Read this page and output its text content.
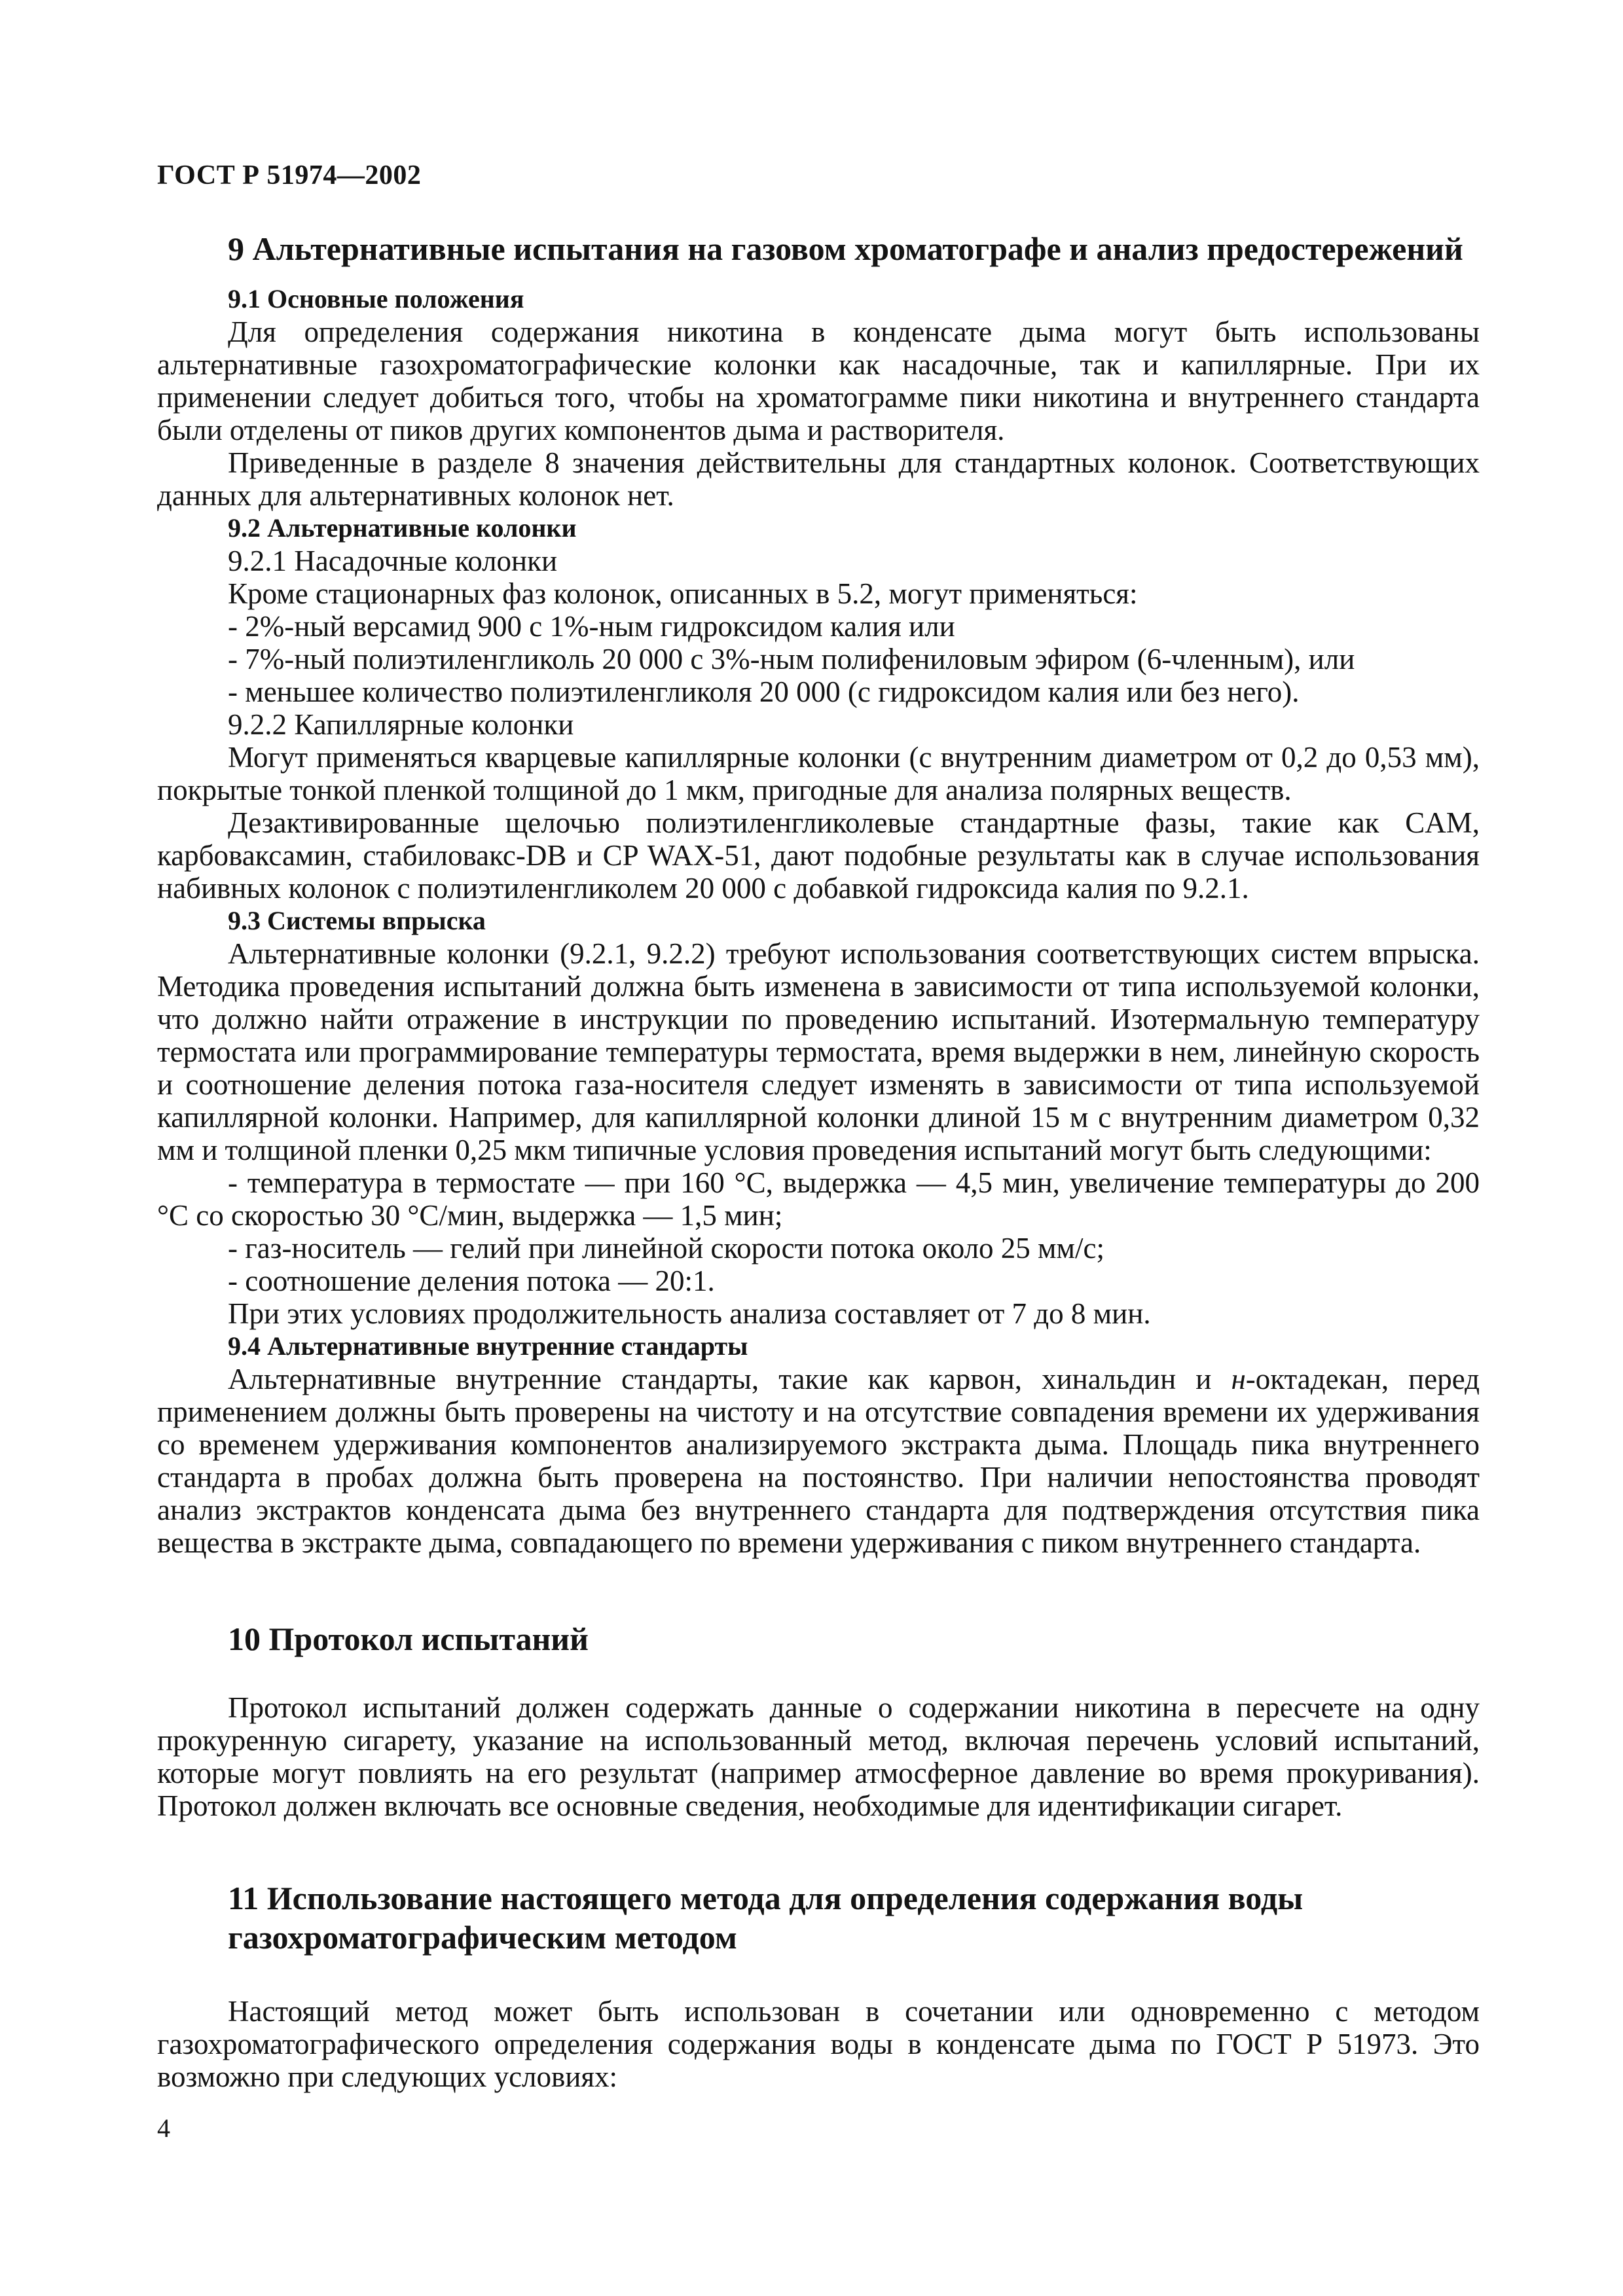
ГОСТ Р 51974—2002
9 Альтернативные испытания на газовом хроматографе и анализ предостережений
9.1 Основные положения

Для определения содержания никотина в конденсате дыма могут быть использованы альтернативные газохроматографические колонки как насадочные, так и капиллярные. При их применении следует добиться того, чтобы на хроматограмме пики никотина и внутреннего стандарта были отделены от пиков других компонентов дыма и растворителя.

Приведенные в разделе 8 значения действительны для стандартных колонок. Соответствующих данных для альтернативных колонок нет.

9.2 Альтернативные колонки
9.2.1 Насадочные колонки

Кроме стационарных фаз колонок, описанных в 5.2, могут применяться:

- 2%-ный версамид 900 с 1%-ным гидроксидом калия или
- 7%-ный полиэтиленгликоль 20 000 с 3%-ным полифениловым эфиром (6-членным), или
- меньшее количество полиэтиленгликоля 20 000 (с гидроксидом калия или без него).
9.2.2 Капиллярные колонки

Могут применяться кварцевые капиллярные колонки (с внутренним диаметром от 0,2 до 0,53 мм), покрытые тонкой пленкой толщиной до 1 мкм, пригодные для анализа полярных веществ.

Дезактивированные щелочью полиэтиленгликолевые стандартные фазы, такие как CAM, карбоваксамин, стабиловакс-DB и CP WAX-51, дают подобные результаты как в случае использования набивных колонок с полиэтиленгликолем 20 000 с добавкой гидроксида калия по 9.2.1.

9.3 Системы впрыска

Альтернативные колонки (9.2.1, 9.2.2) требуют использования соответствующих систем впрыска. Методика проведения испытаний должна быть изменена в зависимости от типа используемой колонки, что должно найти отражение в инструкции по проведению испытаний. Изотермальную температуру термостата или программирование температуры термостата, время выдержки в нем, линейную скорость и соотношение деления потока газа-носителя следует изменять в зависимости от типа используемой капиллярной колонки. Например, для капиллярной колонки длиной 15 м с внутренним диаметром 0,32 мм и толщиной пленки 0,25 мкм типичные условия проведения испытаний могут быть следующими:

- температура в термостате — при 160 °С, выдержка — 4,5 мин, увеличение температуры до 200 °С со скоростью 30 °С/мин, выдержка — 1,5 мин;

- газ-носитель — гелий при линейной скорости потока около 25 мм/с;
- соотношение деления потока — 20:1.

При этих условиях продолжительность анализа составляет от 7 до 8 мин.

9.4 Альтернативные внутренние стандарты

Альтернативные внутренние стандарты, такие как карвон, хинальдин и н-октадекан, перед применением должны быть проверены на чистоту и на отсутствие совпадения времени их удерживания со временем удерживания компонентов анализируемого экстракта дыма. Площадь пика внутреннего стандарта в пробах должна быть проверена на постоянство. При наличии непостоянства проводят анализ экстрактов конденсата дыма без внутреннего стандарта для подтверждения отсутствия пика вещества в экстракте дыма, совпадающего по времени удерживания с пиком внутреннего стандарта.

10 Протокол испытаний

Протокол испытаний должен содержать данные о содержании никотина в пересчете на одну прокуренную сигарету, указание на использованный метод, включая перечень условий испытаний, которые могут повлиять на его результат (например атмосферное давление во время прокуривания). Протокол должен включать все основные сведения, необходимые для идентификации сигарет.

11 Использование настоящего метода для определения содержания воды
газохроматографическим методом

Настоящий метод может быть использован в сочетании или одновременно с методом газохроматографического определения содержания воды в конденсате дыма по ГОСТ Р 51973. Это возможно при следующих условиях:

4
